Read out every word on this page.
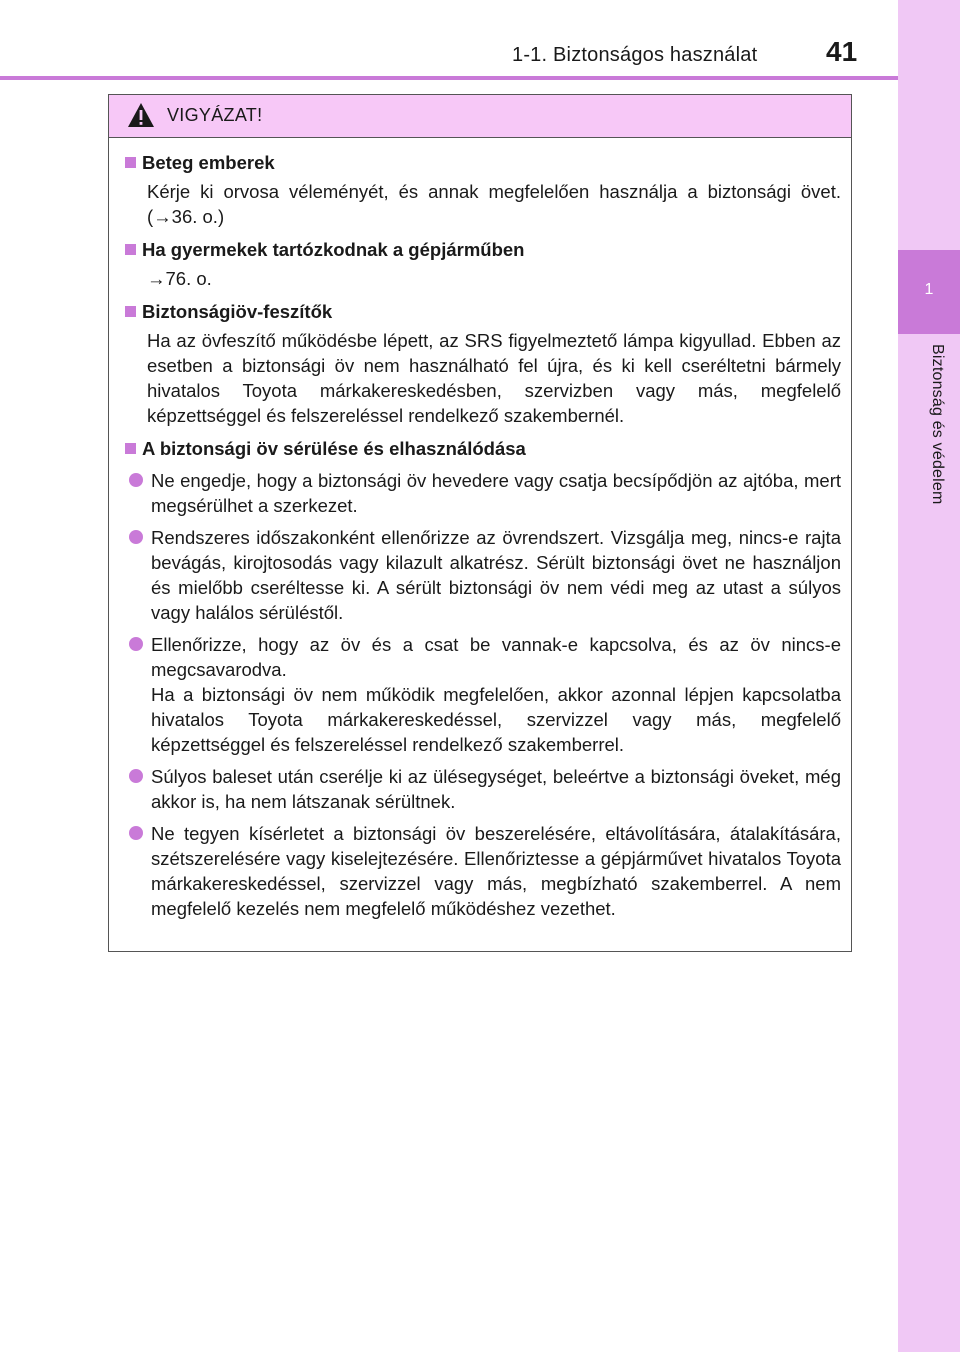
1-1. Biztonságos használat 41
1
Biztonság és védelem
VIGYÁZAT!
Beteg emberek
Kérje ki orvosa véleményét, és annak megfelelően használja a biztonsági övet. (→36. o.)
Ha gyermekek tartózkodnak a gépjárműben
→76. o.
Biztonságiöv-feszítők
Ha az övfeszítő működésbe lépett, az SRS figyelmeztető lámpa kigyullad. Ebben az esetben a biztonsági öv nem használható fel újra, és ki kell cseréltetni bármely hivatalos Toyota márkakereskedésben, szervizben vagy más, megfelelő képzettséggel és felszereléssel rendelkező szakembernél.
A biztonsági öv sérülése és elhasználódása
Ne engedje, hogy a biztonsági öv hevedere vagy csatja becsípődjön az ajtóba, mert megsérülhet a szerkezet.
Rendszeres időszakonként ellenőrizze az övrendszert. Vizsgálja meg, nincs-e rajta bevágás, kirojtosodás vagy kilazult alkatrész. Sérült biztonsági övet ne használjon és mielőbb cseréltesse ki. A sérült biztonsági öv nem védi meg az utast a súlyos vagy halálos sérüléstől.

Ellenőrizze, hogy az öv és a csat be vannak-e kapcsolva, és az öv nincs-e megcsavarodva.

Ha a biztonsági öv nem működik megfelelően, akkor azonnal lépjen kapcsolatba hivatalos Toyota márkakereskedéssel, szervizzel vagy más, megfelelő képzettséggel és felszereléssel rendelkező szakemberrel.

Súlyos baleset után cserélje ki az ülésegységet, beleértve a biztonsági öveket, még akkor is, ha nem látszanak sérültnek.
Ne tegyen kísérletet a biztonsági öv beszerelésére, eltávolítására, átalakítására, szétszerelésére vagy kiselejtezésére. Ellenőriztesse a gépjárművet hivatalos Toyota márkakereskedéssel, szervizzel vagy más, megbízható szakemberrel. A nem megfelelő kezelés nem megfelelő működéshez vezethet.
